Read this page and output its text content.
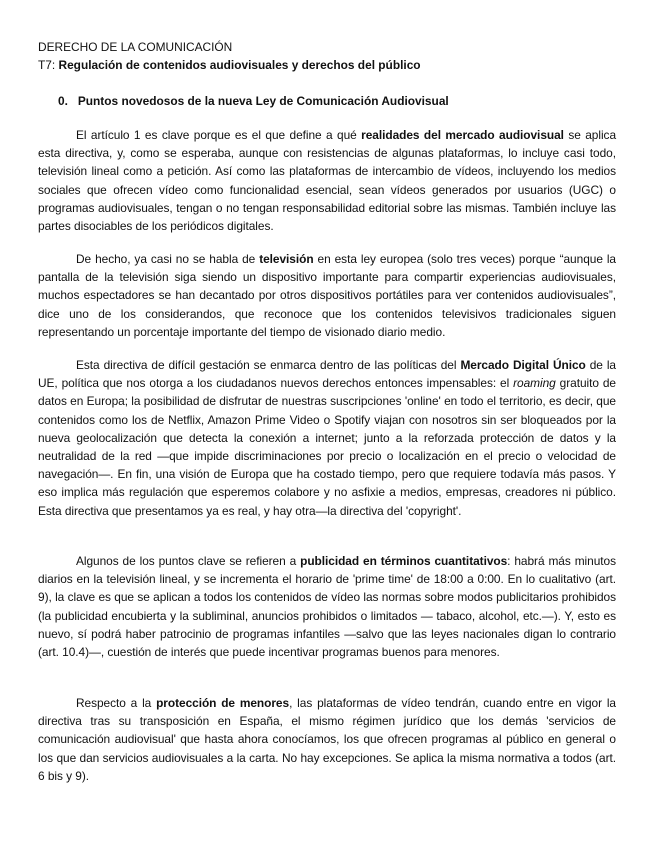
DERECHO DE LA COMUNICACIÓN
T7: Regulación de contenidos audiovisuales y derechos del público
0. Puntos novedosos de la nueva Ley de Comunicación Audiovisual
El artículo 1 es clave porque es el que define a qué realidades del mercado audiovisual se aplica esta directiva, y, como se esperaba, aunque con resistencias de algunas plataformas, lo incluye casi todo, televisión lineal como a petición. Así como las plataformas de intercambio de vídeos, incluyendo los medios sociales que ofrecen vídeo como funcionalidad esencial, sean vídeos generados por usuarios (UGC) o programas audiovisuales, tengan o no tengan responsabilidad editorial sobre las mismas. También incluye las partes disociables de los periódicos digitales.
De hecho, ya casi no se habla de televisión en esta ley europea (solo tres veces) porque “aunque la pantalla de la televisión siga siendo un dispositivo importante para compartir experiencias audiovisuales, muchos espectadores se han decantado por otros dispositivos portátiles para ver contenidos audiovisuales”, dice uno de los considerandos, que reconoce que los contenidos televisivos tradicionales siguen representando un porcentaje importante del tiempo de visionado diario medio.
Esta directiva de difícil gestación se enmarca dentro de las políticas del Mercado Digital Único de la UE, política que nos otorga a los ciudadanos nuevos derechos entonces impensables: el roaming gratuito de datos en Europa; la posibilidad de disfrutar de nuestras suscripciones 'online' en todo el territorio, es decir, que contenidos como los de Netflix, Amazon Prime Video o Spotify viajan con nosotros sin ser bloqueados por la nueva geolocalización que detecta la conexión a internet; junto a la reforzada protección de datos y la neutralidad de la red —que impide discriminaciones por precio o localización en el precio o velocidad de navegación—. En fin, una visión de Europa que ha costado tiempo, pero que requiere todavía más pasos. Y eso implica más regulación que esperemos colabore y no asfixie a medios, empresas, creadores ni público. Esta directiva que presentamos ya es real, y hay otra—la directiva del 'copyright'.
Algunos de los puntos clave se refieren a publicidad en términos cuantitativos: habrá más minutos diarios en la televisión lineal, y se incrementa el horario de 'prime time' de 18:00 a 0:00. En lo cualitativo (art. 9), la clave es que se aplican a todos los contenidos de vídeo las normas sobre modos publicitarios prohibidos (la publicidad encubierta y la subliminal, anuncios prohibidos o limitados — tabaco, alcohol, etc.—). Y, esto es nuevo, sí podrá haber patrocinio de programas infantiles —salvo que las leyes nacionales digan lo contrario (art. 10.4)—, cuestión de interés que puede incentivar programas buenos para menores.
Respecto a la protección de menores, las plataformas de vídeo tendrán, cuando entre en vigor la directiva tras su transposición en España, el mismo régimen jurídico que los demás 'servicios de comunicación audiovisual' que hasta ahora conocíamos, los que ofrecen programas al público en general o los que dan servicios audiovisuales a la carta. No hay excepciones. Se aplica la misma normativa a todos (art. 6 bis y 9).
